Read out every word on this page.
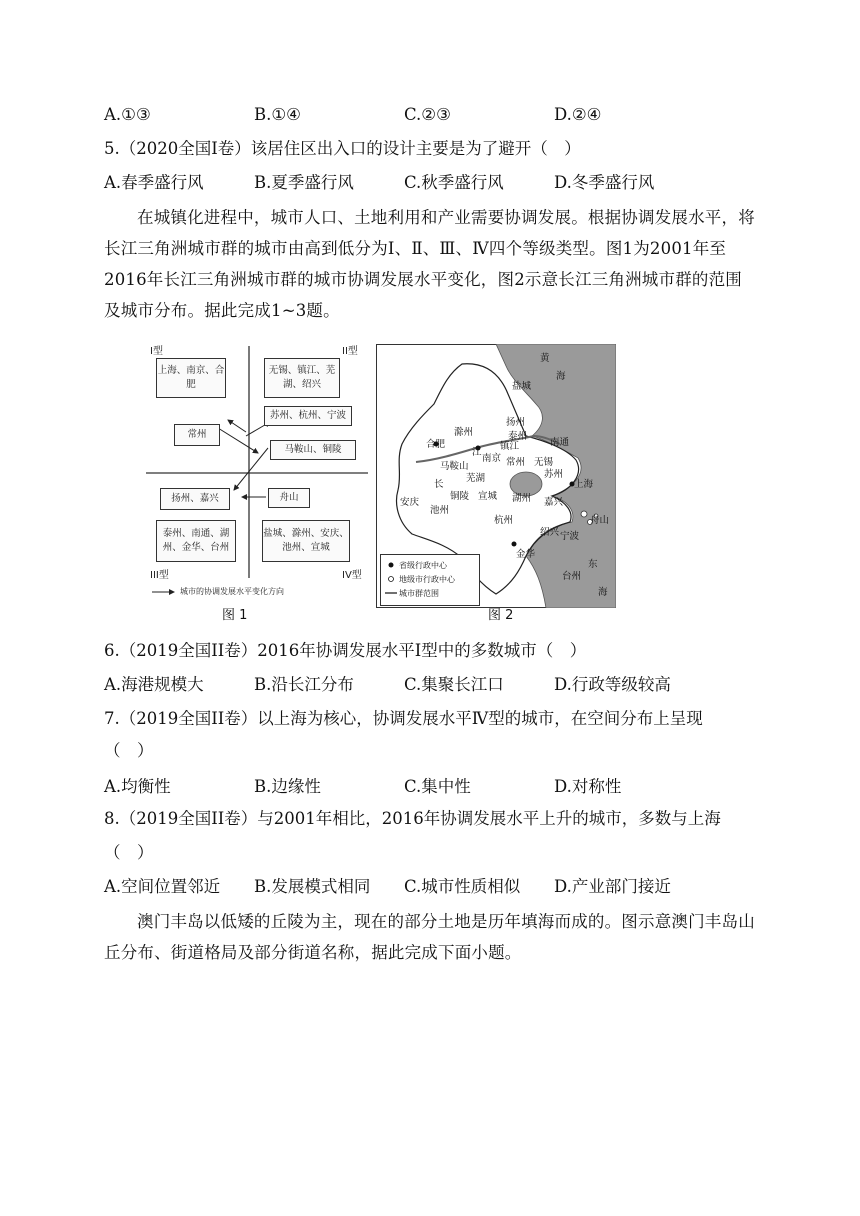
A.①③	B.①④	C.②③	D.②④
5.（2020全国I卷）该居住区出入口的设计主要是为了避开（　）
A.春季盛行风	B.夏季盛行风	C.秋季盛行风	D.冬季盛行风
在城镇化进程中，城市人口、土地利用和产业需要协调发展。根据协调发展水平，将长江三角洲城市群的城市由高到低分为Ⅰ、Ⅱ、Ⅲ、Ⅳ四个等级类型。图1为2001年至2016年长江三角洲城市群的城市协调发展水平变化，图2示意长江三角洲城市群的范围及城市分布。据此完成1~3题。
I型	II型
III型	IV型
上海、南京、合肥
无锡、镇江、芜湖、绍兴
苏州、杭州、宁波
常州
马鞍山、铜陵
扬州、嘉兴	舟山
泰州、南通、湖州、金华、台州
盐城、滁州、安庆、池州、宣城
城市的协调发展水平变化方向
图 1
黄
海
盐城
扬州
泰州
滁州
合肥	镇江	南通
江
南京 常州 无锡
马鞍山
苏州
上海
芜湖
长
安庆
铜陵 宣城 湖州 嘉兴
池州
舟山
杭州
绍兴 宁波
金华
东
台州
海
省级行政中心
地级市行政中心
城市群范围
图 2
6.（2019全国II卷）2016年协调发展水平Ⅰ型中的多数城市（　）
A.海港规模大	B.沿长江分布	C.集聚长江口	D.行政等级较高
7.（2019全国II卷）以上海为核心，协调发展水平Ⅳ型的城市，在空间分布上呈现
（　）
A.均衡性	B.边缘性	C.集中性	D.对称性
8.（2019全国II卷）与2001年相比，2016年协调发展水平上升的城市，多数与上海
（　）
A.空间位置邻近 B.发展模式相同 C.城市性质相似 D.产业部门接近
澳门丰岛以低矮的丘陵为主，现在的部分土地是历年填海而成的。图示意澳门丰岛山丘分布、街道格局及部分街道名称，据此完成下面小题。
